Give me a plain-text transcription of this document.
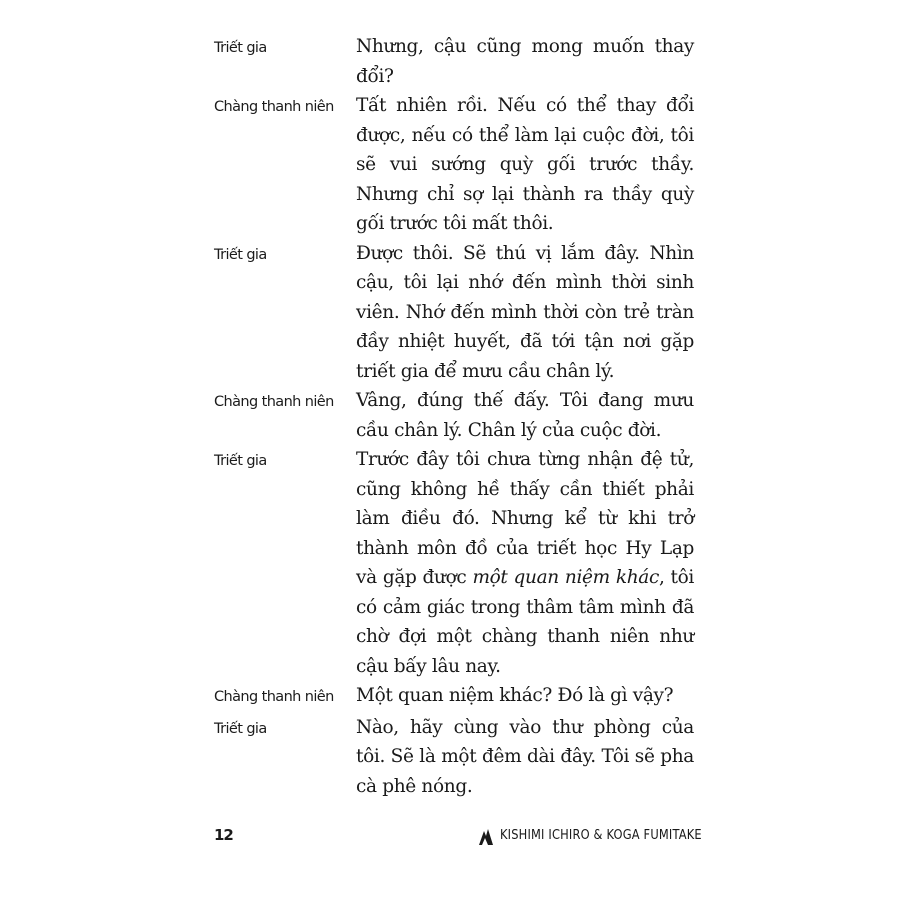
Triết gia	Nhưng, cậu cũng mong muốn thay đổi?
Chàng thanh niên	Tất nhiên rồi. Nếu có thể thay đổi được, nếu có thể làm lại cuộc đời, tôi sẽ vui sướng quỳ gối trước thầy. Nhưng chỉ sợ lại thành ra thầy quỳ gối trước tôi mất thôi.
Triết gia	Được thôi. Sẽ thú vị lắm đây. Nhìn cậu, tôi lại nhớ đến mình thời sinh viên. Nhớ đến mình thời còn trẻ tràn đầy nhiệt huyết, đã tới tận nơi gặp triết gia để mưu cầu chân lý.
Chàng thanh niên	Vâng, đúng thế đấy. Tôi đang mưu cầu chân lý. Chân lý của cuộc đời.
Triết gia	Trước đây tôi chưa từng nhận đệ tử, cũng không hề thấy cần thiết phải làm điều đó. Nhưng kể từ khi trở thành môn đồ của triết học Hy Lạp và gặp được một quan niệm khác, tôi có cảm giác trong thâm tâm mình đã chờ đợi một chàng thanh niên như cậu bấy lâu nay.
Chàng thanh niên	Một quan niệm khác? Đó là gì vậy?
Triết gia	Nào, hãy cùng vào thư phòng của tôi. Sẽ là một đêm dài đây. Tôi sẽ pha cà phê nóng.
12	KISHIMI ICHIRO & KOGA FUMITAKE
